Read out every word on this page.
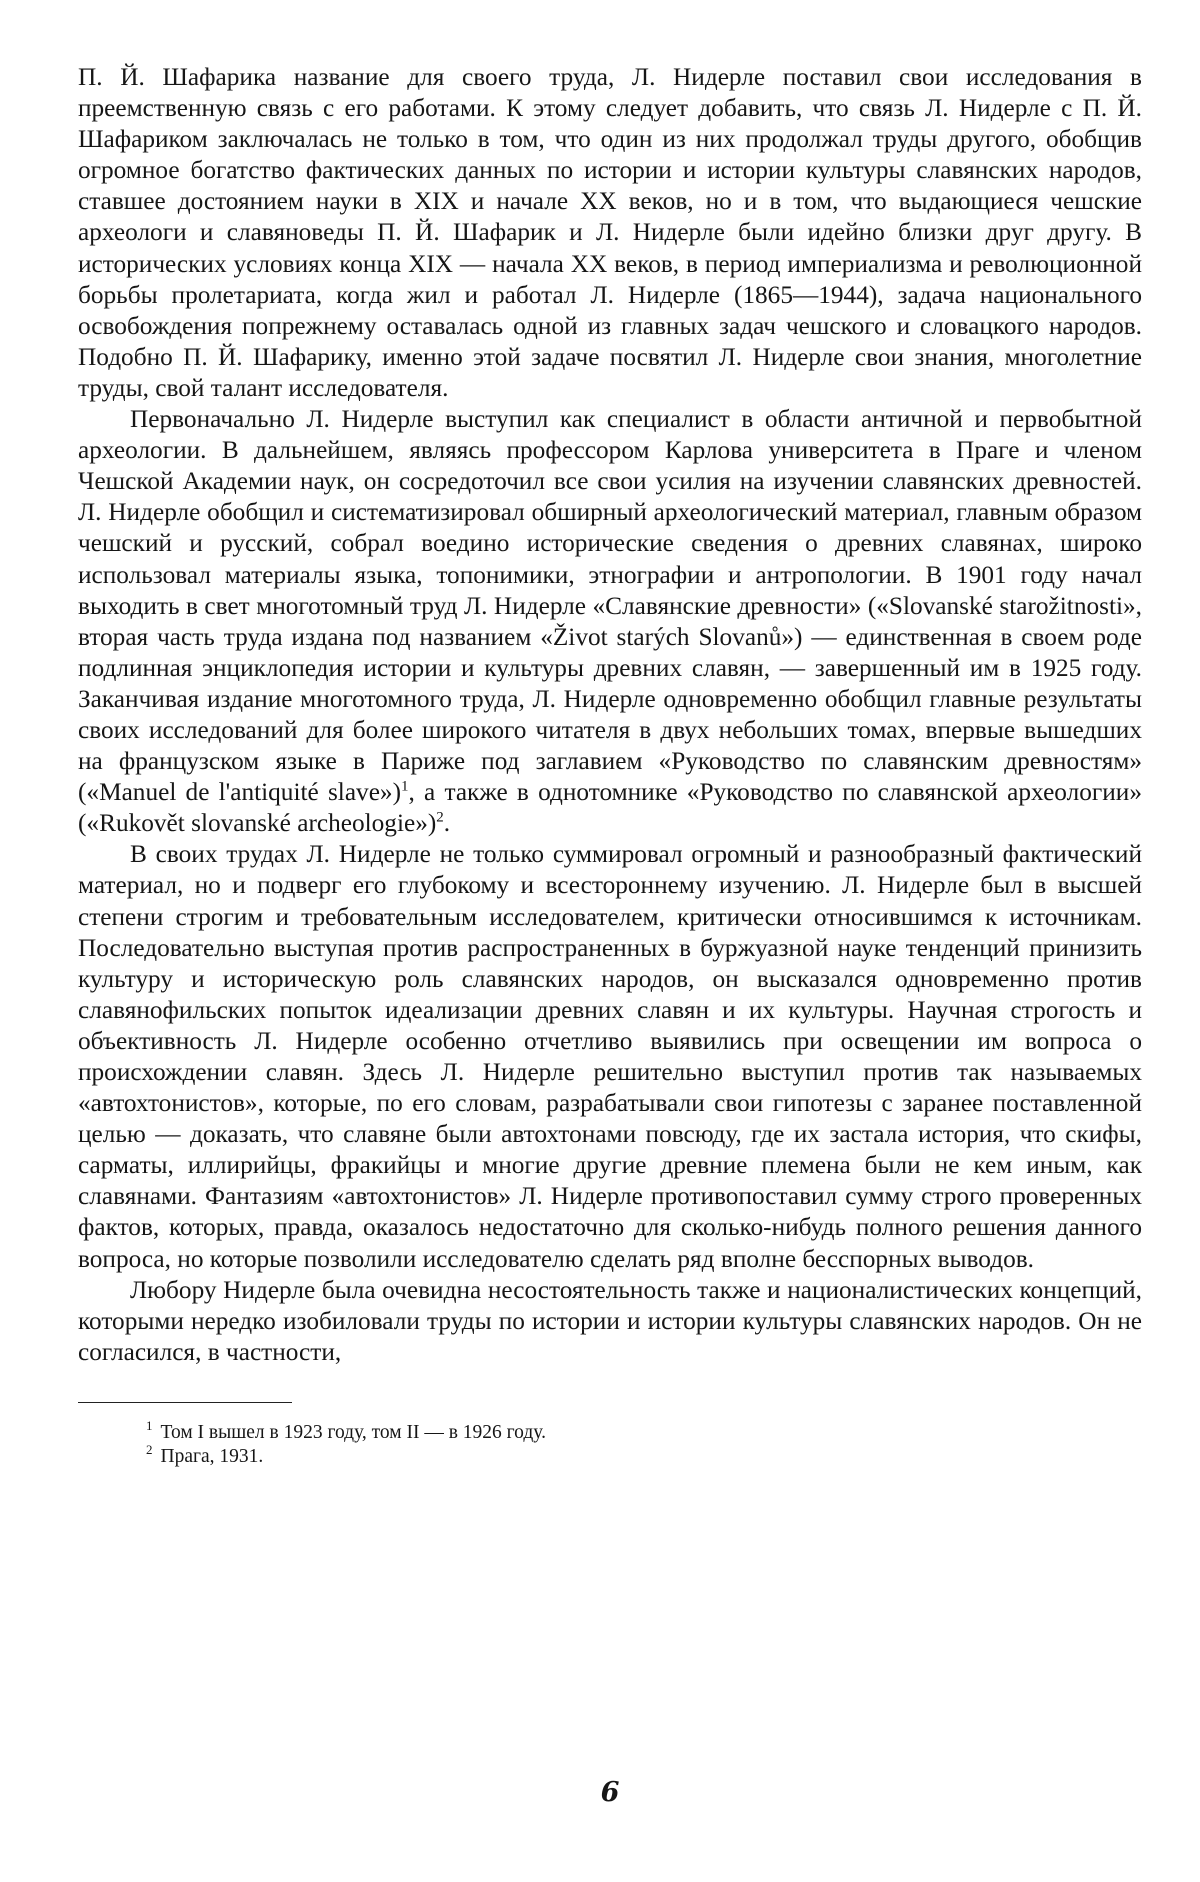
П. Й. Шафарика название для своего труда, Л. Нидерле поставил свои исследования в преемственную связь с его работами. К этому следует добавить, что связь Л. Нидерле с П. Й. Шафариком заключалась не только в том, что один из них продолжал труды другого, обобщив огромное богатство фактических данных по истории и истории культуры славянских народов, ставшее достоянием науки в XIX и начале XX веков, но и в том, что выдающиеся чешские археологи и славяноведы П. Й. Шафарик и Л. Нидерле были идейно близки друг другу. В исторических условиях конца XIX — начала XX веков, в период империализма и революционной борьбы пролетариата, когда жил и работал Л. Нидерле (1865—1944), задача национального освобождения попрежнему оставалась одной из главных задач чешского и словацкого народов. Подобно П. Й. Шафарику, именно этой задаче посвятил Л. Нидерле свои знания, многолетние труды, свой талант исследователя.

Первоначально Л. Нидерле выступил как специалист в области античной и первобытной археологии. В дальнейшем, являясь профессором Карлова университета в Праге и членом Чешской Академии наук, он сосредоточил все свои усилия на изучении славянских древностей. Л. Нидерле обобщил и систематизировал обширный археологический материал, главным образом чешский и русский, собрал воедино исторические сведения о древних славянах, широко использовал материалы языка, топонимики, этнографии и антропологии. В 1901 году начал выходить в свет многотомный труд Л. Нидерле «Славянские древности» («Slovanské starožitnosti», вторая часть труда издана под названием «Život starých Slovanů») — единственная в своем роде подлинная энциклопедия истории и культуры древних славян, — завершенный им в 1925 году. Заканчивая издание многотомного труда, Л. Нидерле одновременно обобщил главные результаты своих исследований для более широкого читателя в двух небольших томах, впервые вышедших на французском языке в Париже под заглавием «Руководство по славянским древностям» («Manuel de l'antiquité slave»)$^1$, а также в однотомнике «Руководство по славянской археологии» («Rukovět slovanské archeologie»)$^2$.

В своих трудах Л. Нидерле не только суммировал огромный и разнообразный фактический материал, но и подверг его глубокому и всестороннему изучению. Л. Нидерле был в высшей степени строгим и требовательным исследователем, критически относившимся к источникам. Последовательно выступая против распространенных в буржуазной науке тенденций принизить культуру и историческую роль славянских народов, он высказался одновременно против славянофильских попыток идеализации древних славян и их культуры. Научная строгость и объективность Л. Нидерле особенно отчетливо выявились при освещении им вопроса о происхождении славян. Здесь Л. Нидерле решительно выступил против так называемых «автохтонистов», которые, по его словам, разрабатывали свои гипотезы с заранее поставленной целью — доказать, что славяне были автохтонами повсюду, где их застала история, что скифы, сарматы, иллирийцы, фракийцы и многие другие древние племена были не кем иным, как славянами. Фантазиям «автохтонистов» Л. Нидерле противопоставил сумму строго проверенных фактов, которых, правда, оказалось недостаточно для сколько-нибудь полного решения данного вопроса, но которые позволили исследователю сделать ряд вполне бесспорных выводов.

Любору Нидерле была очевидна несостоятельность также и националистических концепций, которыми нередко изобиловали труды по истории и истории культуры славянских народов. Он не согласился, в частности,

$^1$ Том I вышел в 1923 году, том II — в 1926 году.
$^2$ Прага, 1931.
6
